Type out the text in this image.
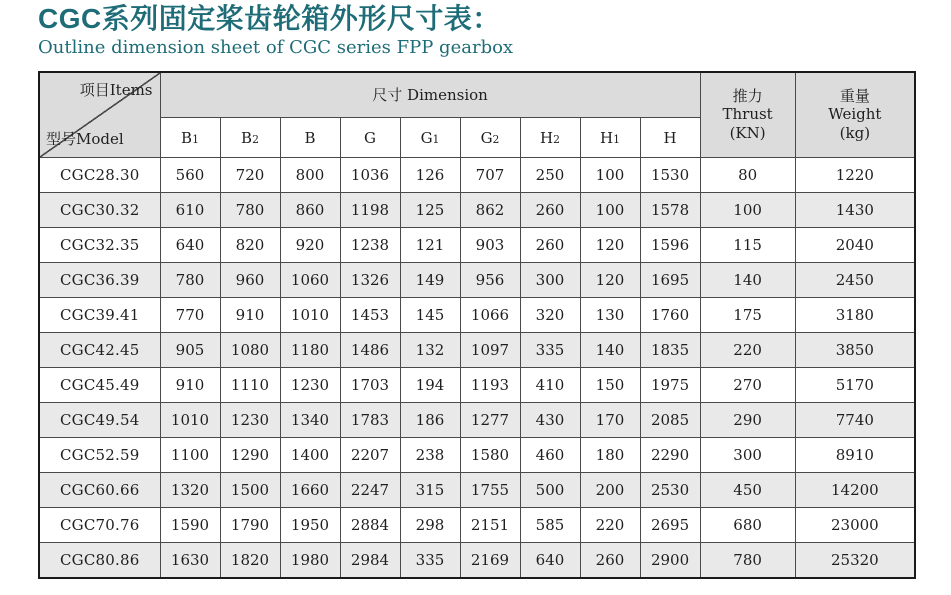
CGC系列固定桨齿轮箱外形尺寸表：

Outline dimension sheet of CGC series FPP gearbox

项目Items
型号Model
	尺寸 Dimension	推力
Thrust
(KN)

重量
Weight
(kg)

	B1	B2	B	G	G1	G2	H2	H1	H		
CGC28.30	560	720	800	1036	126	707	250	100	1530	80	1220
CGC30.32	610	780	860	1198	125	862	260	100	1578	100	1430
CGC32.35	640	820	920	1238	121	903	260	120	1596	115	2040
CGC36.39	780	960	1060	1326	149	956	300	120	1695	140	2450
CGC39.41	770	910	1010	1453	145	1066	320	130	1760	175	3180
CGC42.45	905	1080	1180	1486	132	1097	335	140	1835	220	3850
CGC45.49	910	1110	1230	1703	194	1193	410	150	1975	270	5170
CGC49.54	1010	1230	1340	1783	186	1277	430	170	2085	290	7740
CGC52.59	1100	1290	1400	2207	238	1580	460	180	2290	300	8910
CGC60.66	1320	1500	1660	2247	315	1755	500	200	2530	450	14200
CGC70.76	1590	1790	1950	2884	298	2151	585	220	2695	680	23000
CGC80.86	1630	1820	1980	2984	335	2169	640	260	2900	780	25320
